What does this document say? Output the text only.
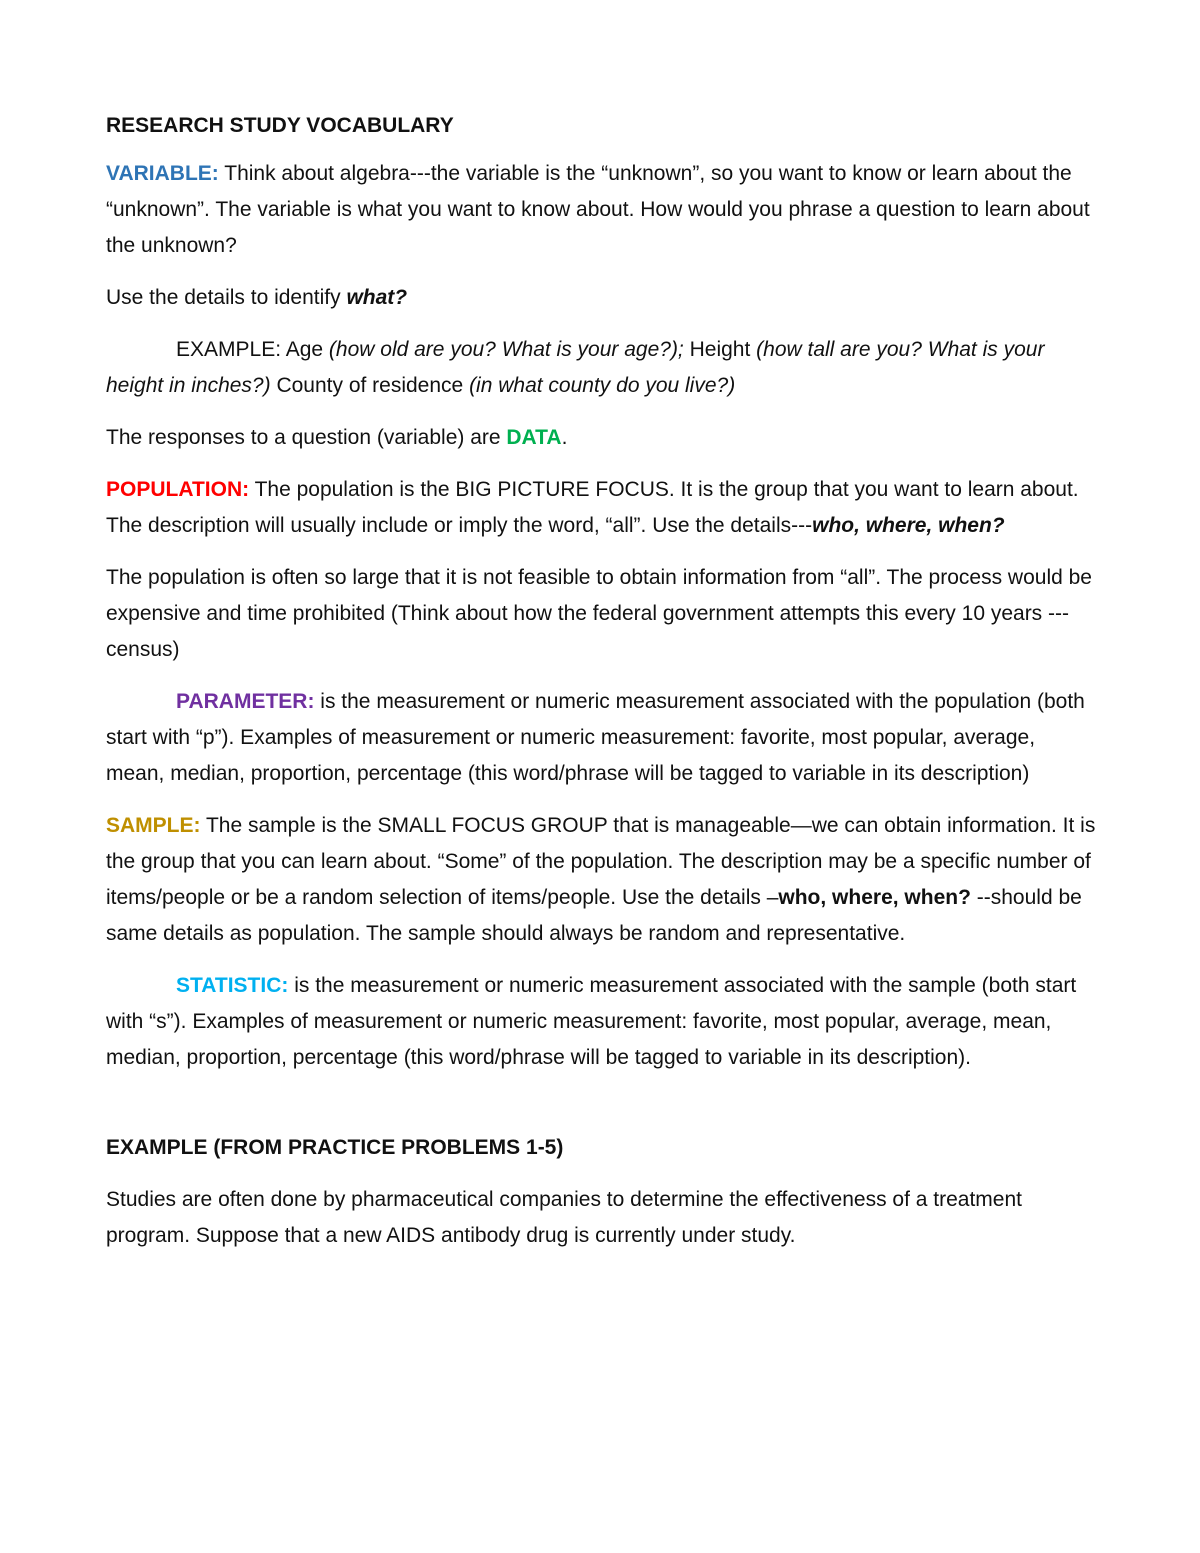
RESEARCH STUDY VOCABULARY

VARIABLE: Think about algebra---the variable is the “unknown”, so you want to know or learn about the “unknown”. The variable is what you want to know about. How would you phrase a question to learn about the unknown?

Use the details to identify what?

EXAMPLE: Age (how old are you? What is your age?); Height (how tall are you? What is your height in inches?) County of residence (in what county do you live?)

The responses to a question (variable) are DATA.

POPULATION: The population is the BIG PICTURE FOCUS. It is the group that you want to learn about. The description will usually include or imply the word, “all”. Use the details---who, where, when?

The population is often so large that it is not feasible to obtain information from “all”. The process would be expensive and time prohibited (Think about how the federal government attempts this every 10 years ---census)

PARAMETER: is the measurement or numeric measurement associated with the population (both start with “p”). Examples of measurement or numeric measurement: favorite, most popular, average, mean, median, proportion, percentage (this word/phrase will be tagged to variable in its description)

SAMPLE: The sample is the SMALL FOCUS GROUP that is manageable—we can obtain information. It is the group that you can learn about. “Some” of the population. The description may be a specific number of items/people or be a random selection of items/people. Use the details –who, where, when? --should be same details as population. The sample should always be random and representative.

STATISTIC: is the measurement or numeric measurement associated with the sample (both start with “s”). Examples of measurement or numeric measurement: favorite, most popular, average, mean, median, proportion, percentage (this word/phrase will be tagged to variable in its description).

EXAMPLE (FROM PRACTICE PROBLEMS 1-5)

Studies are often done by pharmaceutical companies to determine the effectiveness of a treatment program. Suppose that a new AIDS antibody drug is currently under study.
